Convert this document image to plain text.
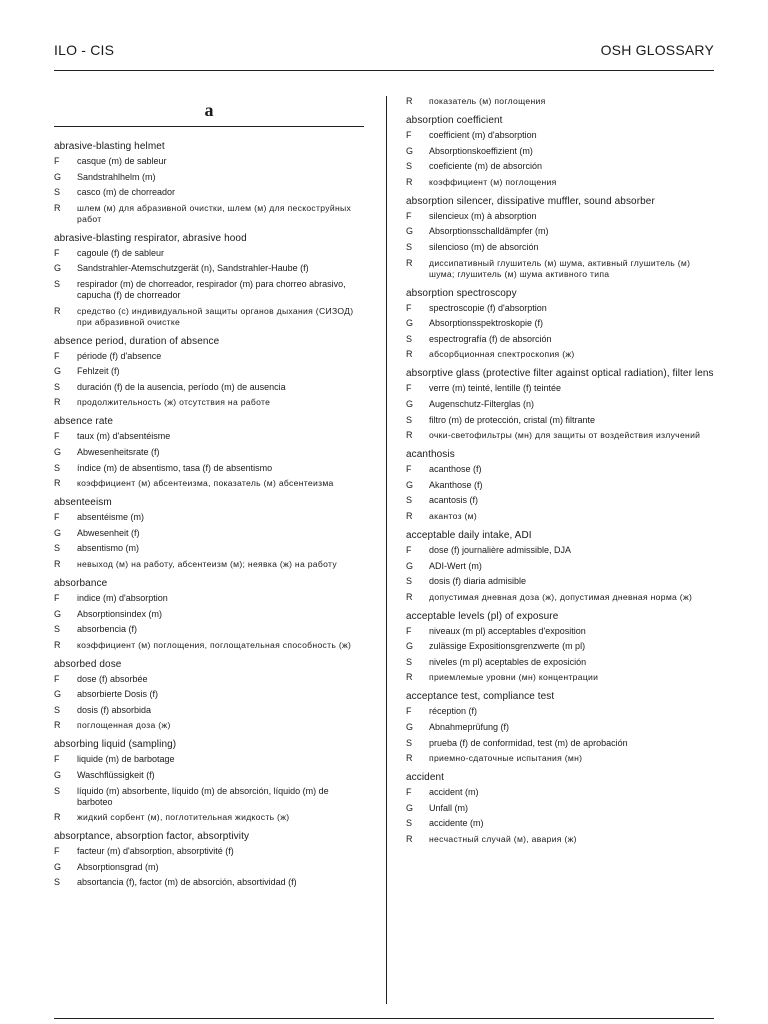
ILO - CIS	OSH GLOSSARY
a
abrasive-blasting helmet
F	casque (m) de sableur
G	Sandstrahlhelm (m)
S	casco (m) de chorreador
R	шлем (м) для абразивной очистки, шлем (м) для пескоструйных работ
abrasive-blasting respirator, abrasive hood
F	cagoule (f) de sableur
G	Sandstrahler-Atemschutzgerät (n), Sandstrahler-Haube (f)
S	respirador (m) de chorreador, respirador (m) para chorreo abrasivo, capucha (f) de chorreador
R	средство (с) индивидуальной защиты органов дыхания (СИЗОД) при абразивной очистке
absence period, duration of absence
F	période (f) d'absence
G	Fehlzeit (f)
S	duración (f) de la ausencia, período (m) de ausencia
R	продолжительность (ж) отсутствия на работе
absence rate
F	taux (m) d'absentéisme
G	Abwesenheitsrate (f)
S	índice (m) de absentismo, tasa (f) de absentismo
R	коэффициент (м) абсентеизма, показатель (м) абсентеизма
absenteeism
F	absentéisme (m)
G	Abwesenheit (f)
S	absentismo (m)
R	невыход (м) на работу, абсентеизм (м); неявка (ж) на работу
absorbance
F	indice (m) d'absorption
G	Absorptionsindex (m)
S	absorbencia (f)
R	коэффициент (м) поглощения, поглощательная способность (ж)
absorbed dose
F	dose (f) absorbée
G	absorbierte Dosis (f)
S	dosis (f) absorbida
R	поглощенная доза (ж)
absorbing liquid (sampling)
F	liquide (m) de barbotage
G	Waschflüssigkeit (f)
S	líquido (m) absorbente, líquido (m) de absorción, líquido (m) de barboteo
R	жидкий сорбент (м), поглотительная жидкость (ж)
absorptance, absorption factor, absorptivity
F	facteur (m) d'absorption, absorptivité (f)
G	Absorptionsgrad (m)
S	absortancia (f), factor (m) de absorción, absortividad (f)
R	показатель (м) поглощения
absorption coefficient
F	coefficient (m) d'absorption
G	Absorptionskoeffizient (m)
S	coeficiente (m) de absorción
R	коэффициент (м) поглощения
absorption silencer, dissipative muffler, sound absorber
F	silencieux (m) à absorption
G	Absorptionsschalldämpfer (m)
S	silencioso (m) de absorción
R	диссипативный глушитель (м) шума, активный глушитель (м) шума; глушитель (м) шума активного типа
absorption spectroscopy
F	spectroscopie (f) d'absorption
G	Absorptionsspektroskopie (f)
S	espectrografía (f) de absorción
R	абсорбционная спектроскопия (ж)
absorptive glass (protective filter against optical radiation), filter lens
F	verre (m) teinté, lentille (f) teintée
G	Augenschutz-Filterglas (n)
S	filtro (m) de protección, cristal (m) filtrante
R	очки-светофильтры (мн) для защиты от воздействия излучений
acanthosis
F	acanthose (f)
G	Akanthose (f)
S	acantosis (f)
R	акантоз (м)
acceptable daily intake, ADI
F	dose (f) journalière admissible, DJA
G	ADI-Wert (m)
S	dosis (f) diaria admisible
R	допустимая дневная доза (ж), допустимая дневная норма (ж)
acceptable levels (pl) of exposure
F	niveaux (m pl) acceptables d'exposition
G	zulässige Expositionsgrenzwerte (m pl)
S	niveles (m pl) aceptables de exposición
R	приемлемые уровни (мн) концентрации
acceptance test, compliance test
F	réception (f)
G	Abnahmeprüfung (f)
S	prueba (f) de conformidad, test (m) de aprobación
R	приемно-сдаточные испытания (мн)
accident
F	accident (m)
G	Unfall (m)
S	accidente (m)
R	несчастный случай (м), авария (ж)
